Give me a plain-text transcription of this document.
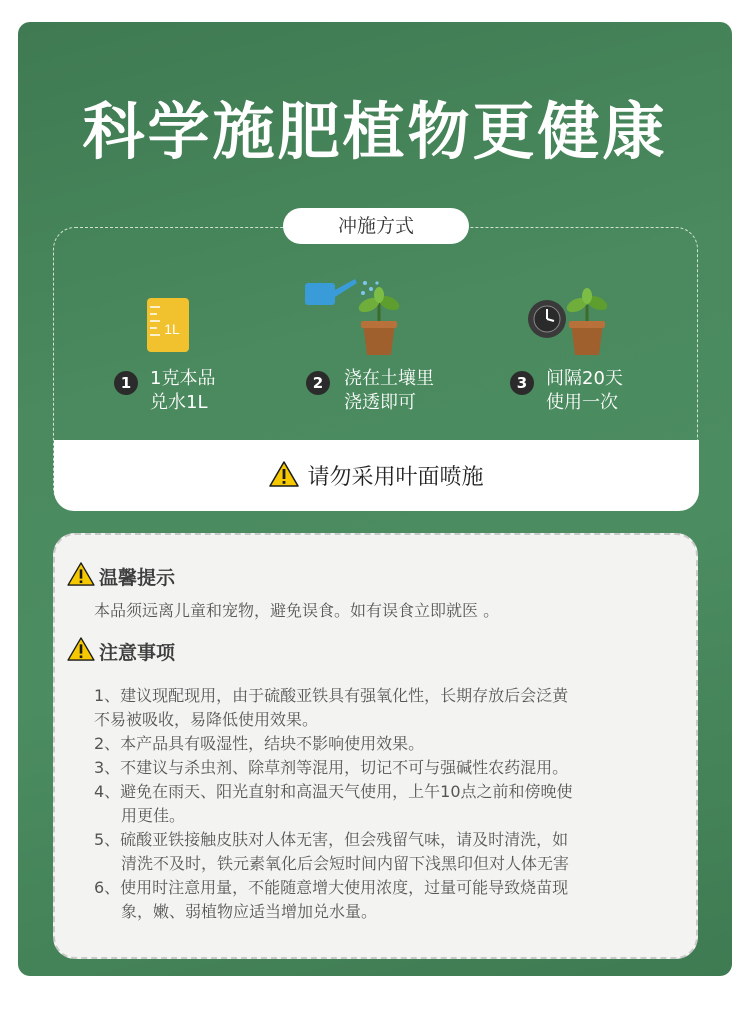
科学施肥植物更健康
冲施方式
1L
1	1克本品
兑水1L
2	浇在土壤里
浇透即可
3	间隔20天
使用一次
请勿采用叶面喷施
温馨提示
本品须远离儿童和宠物，避免误食。如有误食立即就医 。
注意事项
1、建议现配现用，由于硫酸亚铁具有强氧化性，长期存放后会泛黄
不易被吸收，易降低使用效果。
2、本产品具有吸湿性，结块不影响使用效果。
3、不建议与杀虫剂、除草剂等混用，切记不可与强碱性农药混用。
4、避免在雨天、阳光直射和高温天气使用，上午10点之前和傍晚使
用更佳。
5、硫酸亚铁接触皮肤对人体无害，但会残留气味，请及时清洗，如
清洗不及时，铁元素氧化后会短时间内留下浅黑印但对人体无害
6、使用时注意用量，不能随意增大使用浓度，过量可能导致烧苗现
象，嫩、弱植物应适当增加兑水量。
